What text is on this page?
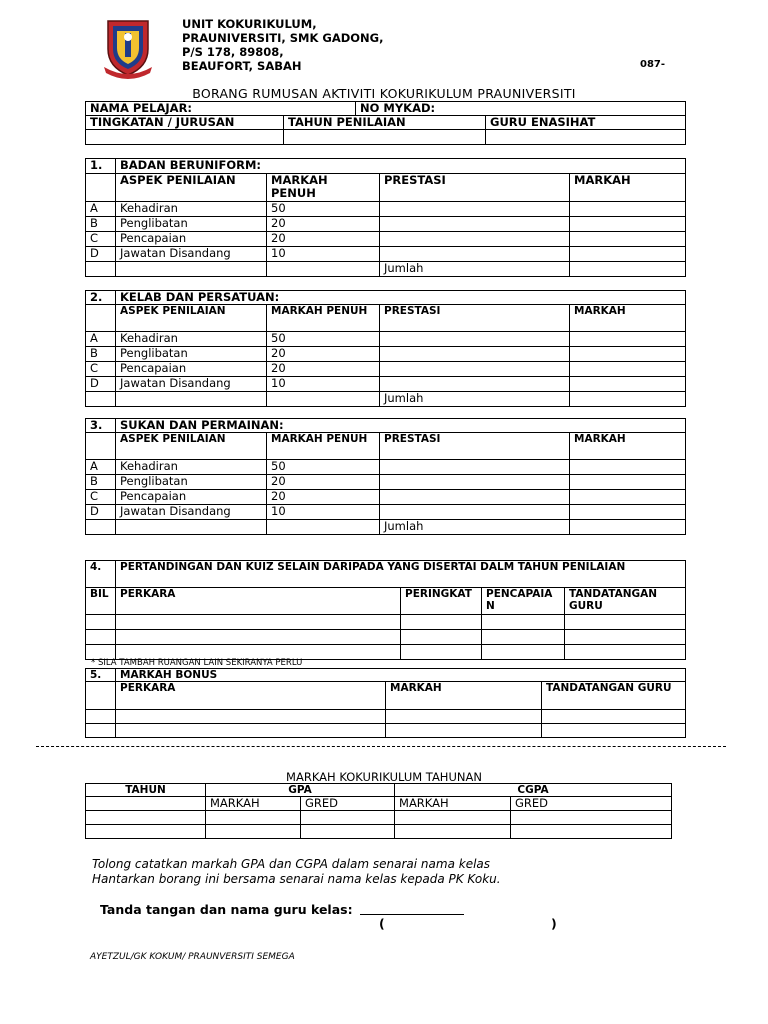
UNIT KOKURIKULUM,
PRAUNIVERSITI, SMK GADONG,
P/S 178, 89808,
BEAUFORT, SABAH	087-
BORANG RUMUSAN AKTIVITI KOKURIKULUM PRAUNIVERSITI
NAMA PELAJAR:		NO MYKAD:	
TINGKATAN / JURUSAN	TAHUN PENILAIAN		GURU ENASIHAT

1.	BADAN BERUNIFORM:			
	ASPEK PENILAIAN	MARKAH PENUH	PRESTASI	MARKAH
A	Kehadiran	50		
B	Penglibatan	20		
C	Pencapaian	20		
D	Jawatan Disandang	10		
			Jumlah	
2.	KELAB DAN PERSATUAN:			
	ASPEK PENILAIAN	MARKAH PENUH	PRESTASI	MARKAH
A	Kehadiran	50		
B	Penglibatan	20		
C	Pencapaian	20		
D	Jawatan Disandang	10		
			Jumlah	
3.	SUKAN DAN PERMAINAN:			
	ASPEK PENILAIAN	MARKAH PENUH	PRESTASI	MARKAH
A	Kehadiran	50		
B	Penglibatan	20		
C	Pencapaian	20		
D	Jawatan Disandang	10		
			Jumlah	
4.	PERTANDINGAN DAN KUIZ SELAIN DARIPADA YANG DISERTAI DALM TAHUN PENILAIAN			
BIL	PERKARA	PERINGKAT	PENCAPAIAN	TANDATANGAN GURU

* SILA TAMBAH RUANGAN LAIN SEKIRANYA PERLU
5.	MARKAH BONUS		
	PERKARA	MARKAH	TANDATANGAN GURU

MARKAH KOKURIKULUM TAHUNAN
TAHUN	GPA		CGPA	
	MARKAH	GRED	MARKAH	GRED

Tolong catatkan markah GPA dan CGPA dalam senarai nama kelas
Hantarkan borang ini bersama senarai nama kelas kepada PK Koku.
Tanda tangan dan nama guru kelas:
(	)
AYETZUL/GK KOKUM/ PRAUNVERSITI SEMEGA
